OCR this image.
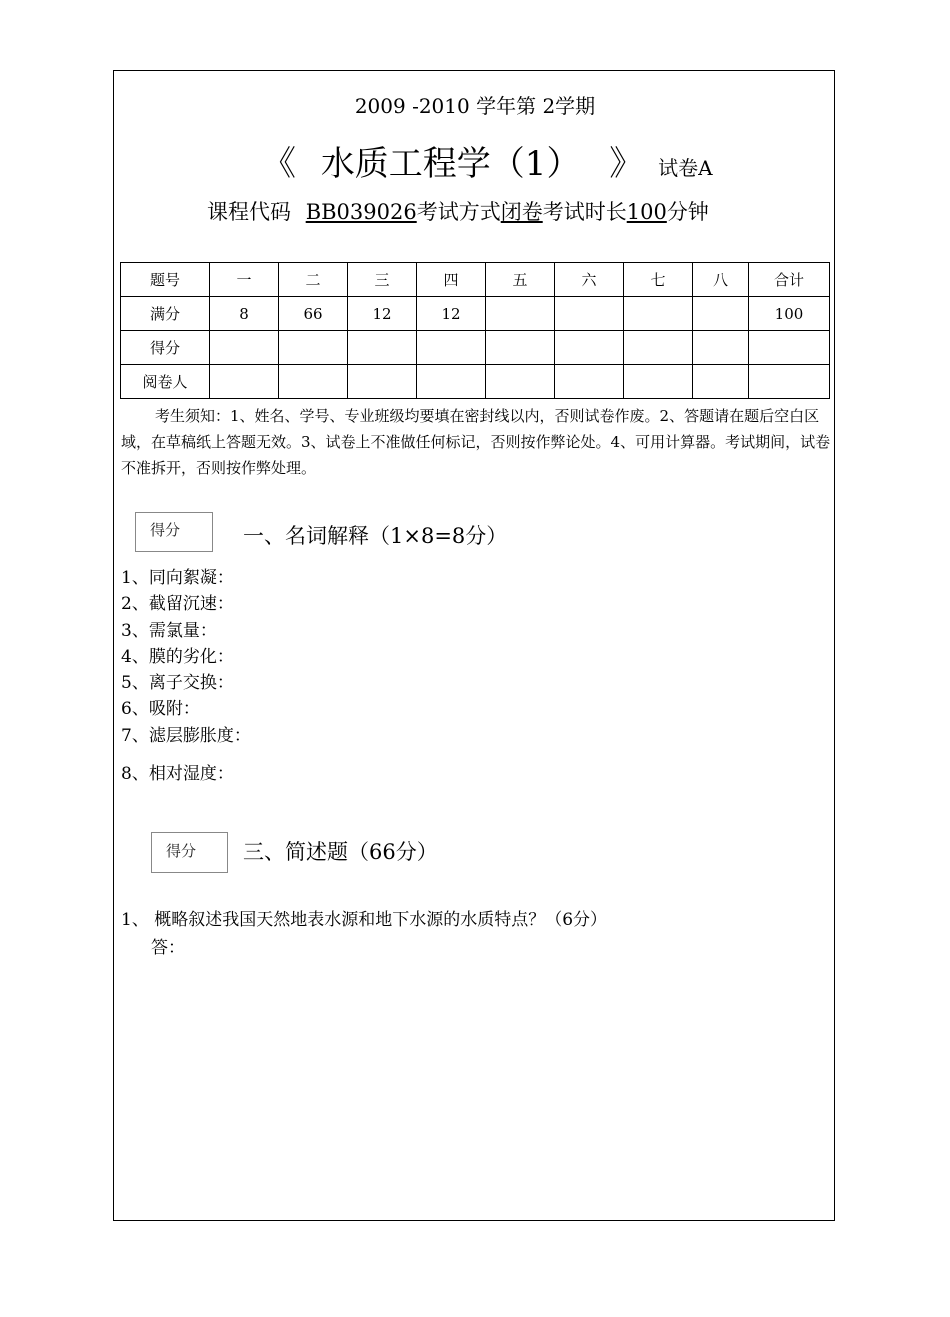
2009 -2010 学年第 2学期
《 水质工程学（1） 》 试卷A
课程代码 BB039026考试方式闭卷考试时长100分钟
题号	一	二	三	四	五	六	七	八	合计
满分	8	66	12	12					100
得分									
阅卷人									
考生须知：1、姓名、学号、专业班级均要填在密封线以内，否则试卷作废。2、答题请在题后空白区域，在草稿纸上答题无效。3、试卷上不准做任何标记，否则按作弊论处。4、可用计算器。考试期间，试卷不准拆开，否则按作弊处理。
得分	一、名词解释（1×8=8分）
1、同向絮凝：
2、截留沉速：
3、需氯量：
4、膜的劣化：
5、离子交换：
6、吸附：
7、滤层膨胀度：
8、相对湿度：
得分	三、简述题（66分）
1、 概略叙述我国天然地表水源和地下水源的水质特点？（6分）
答：
